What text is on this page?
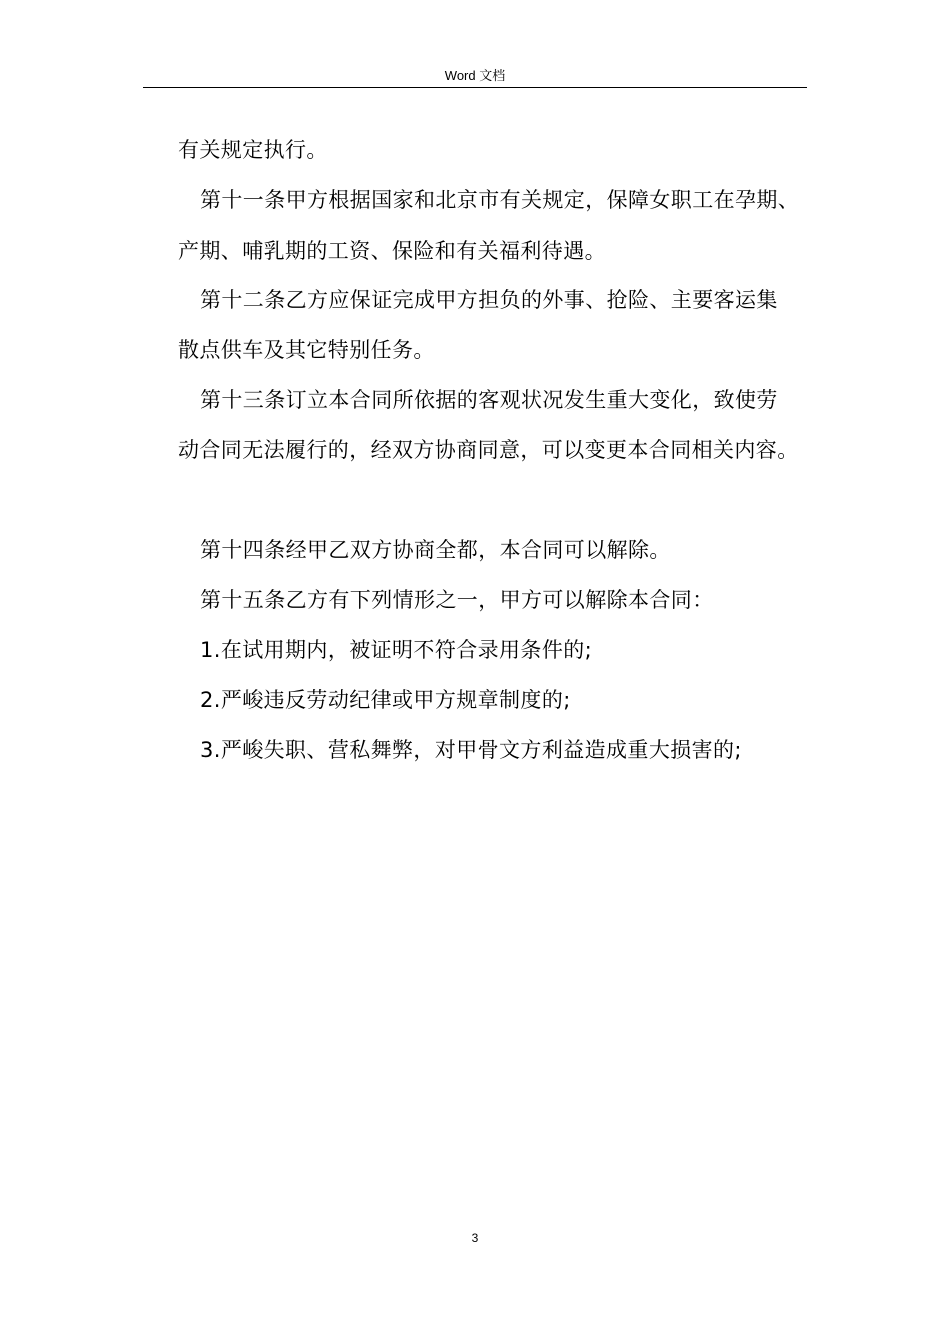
Word 文档
有关规定执行。
第十一条甲方根据国家和北京市有关规定，保障女职工在孕期、
产期、哺乳期的工资、保险和有关福利待遇。
第十二条乙方应保证完成甲方担负的外事、抢险、主要客运集
散点供车及其它特别任务。
第十三条订立本合同所依据的客观状况发生重大变化，致使劳
动合同无法履行的，经双方协商同意，可以变更本合同相关内容。
第十四条经甲乙双方协商全都，本合同可以解除。
第十五条乙方有下列情形之一，甲方可以解除本合同：
1.在试用期内，被证明不符合录用条件的;
2.严峻违反劳动纪律或甲方规章制度的;
3.严峻失职、营私舞弊，对甲骨文方利益造成重大损害的;
3
